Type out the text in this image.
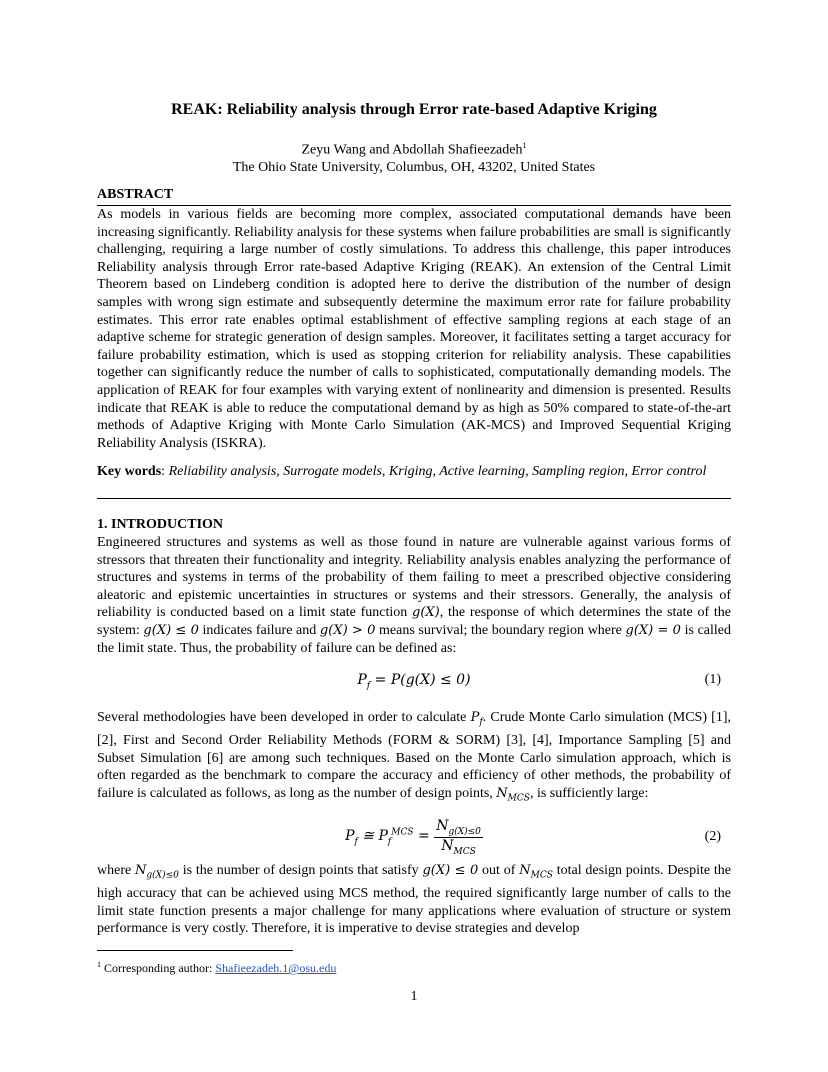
REAK: Reliability analysis through Error rate-based Adaptive Kriging
Zeyu Wang and Abdollah Shafieezadeh$^1$
The Ohio State University, Columbus, OH, 43202, United States
ABSTRACT
As models in various fields are becoming more complex, associated computational demands have been increasing significantly. Reliability analysis for these systems when failure probabilities are small is significantly challenging, requiring a large number of costly simulations. To address this challenge, this paper introduces Reliability analysis through Error rate-based Adaptive Kriging (REAK). An extension of the Central Limit Theorem based on Lindeberg condition is adopted here to derive the distribution of the number of design samples with wrong sign estimate and subsequently determine the maximum error rate for failure probability estimates. This error rate enables optimal establishment of effective sampling regions at each stage of an adaptive scheme for strategic generation of design samples. Moreover, it facilitates setting a target accuracy for failure probability estimation, which is used as stopping criterion for reliability analysis. These capabilities together can significantly reduce the number of calls to sophisticated, computationally demanding models. The application of REAK for four examples with varying extent of nonlinearity and dimension is presented. Results indicate that REAK is able to reduce the computational demand by as high as 50% compared to state-of-the-art methods of Adaptive Kriging with Monte Carlo Simulation (AK-MCS) and Improved Sequential Kriging Reliability Analysis (ISKRA).
Key words: Reliability analysis, Surrogate models, Kriging, Active learning, Sampling region, Error control
1. INTRODUCTION
Engineered structures and systems as well as those found in nature are vulnerable against various forms of stressors that threaten their functionality and integrity. Reliability analysis enables analyzing the performance of structures and systems in terms of the probability of them failing to meet a prescribed objective considering aleatoric and epistemic uncertainties in structures or systems and their stressors. Generally, the analysis of reliability is conducted based on a limit state function g(X), the response of which determines the state of the system: g(X) ≤ 0 indicates failure and g(X) > 0 means survival; the boundary region where g(X) = 0 is called the limit state. Thus, the probability of failure can be defined as:
$P_f = P(g(X) \le 0)$	(1)
Several methodologies have been developed in order to calculate $P_f$. Crude Monte Carlo simulation (MCS) [1], [2], First and Second Order Reliability Methods (FORM & SORM) [3], [4], Importance Sampling [5] and Subset Simulation [6] are among such techniques. Based on the Monte Carlo simulation approach, which is often regarded as the benchmark to compare the accuracy and efficiency of other methods, the probability of failure is calculated as follows, as long as the number of design points, $N_{MCS}$, is sufficiently large:
$P_f$ ≅ $P_f^{MCS} = \frac{N_{g(X)\le 0}}{N_{MCS}}$	(2)
where $N_{g(X)\le 0}$ is the number of design points that satisfy g(X) ≤ 0 out of $N_{MCS}$ total design points. Despite the high accuracy that can be achieved using MCS method, the required significantly large number of calls to the limit state function presents a major challenge for many applications where evaluation of structure or system performance is very costly. Therefore, it is imperative to devise strategies and develop
$^1$ Corresponding author: Shafieezadeh.1@osu.edu
1
